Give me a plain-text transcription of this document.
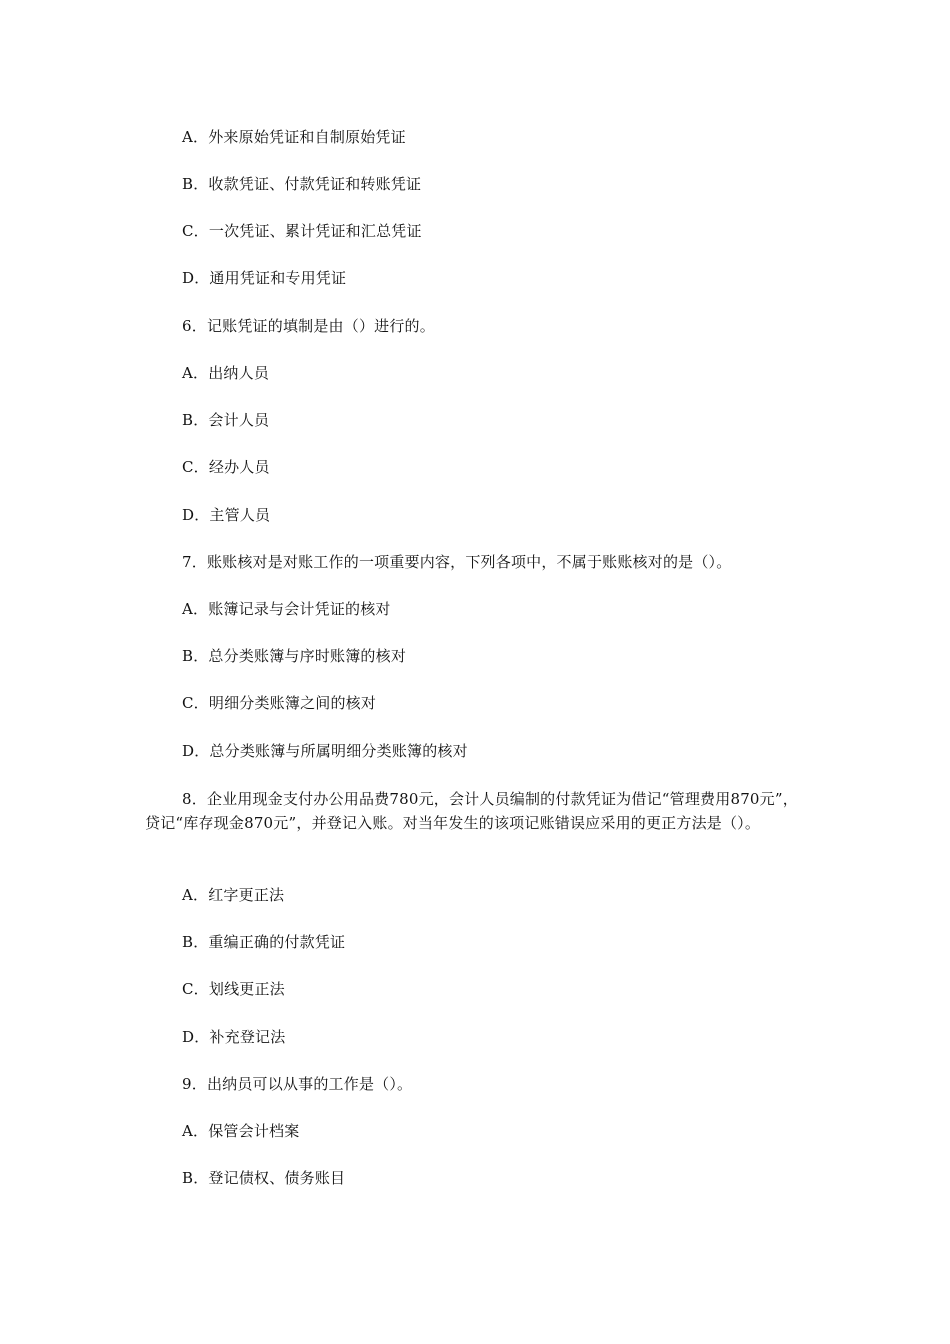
A．外来原始凭证和自制原始凭证
B．收款凭证、付款凭证和转账凭证
C．一次凭证、累计凭证和汇总凭证
D．通用凭证和专用凭证
6．记账凭证的填制是由（）进行的。
A．出纳人员
B．会计人员
C．经办人员
D．主管人员
7．账账核对是对账工作的一项重要内容，下列各项中，不属于账账核对的是（）。
A．账簿记录与会计凭证的核对
B．总分类账簿与序时账簿的核对
C．明细分类账簿之间的核对
D．总分类账簿与所属明细分类账簿的核对
8．企业用现金支付办公用品费780元，会计人员编制的付款凭证为借记“管理费用870元”，贷记“库存现金870元”，并登记入账。对当年发生的该项记账错误应采用的更正方法是（）。
A．红字更正法
B．重编正确的付款凭证
C．划线更正法
D．补充登记法
9．出纳员可以从事的工作是（）。
A．保管会计档案
B．登记债权、债务账目
